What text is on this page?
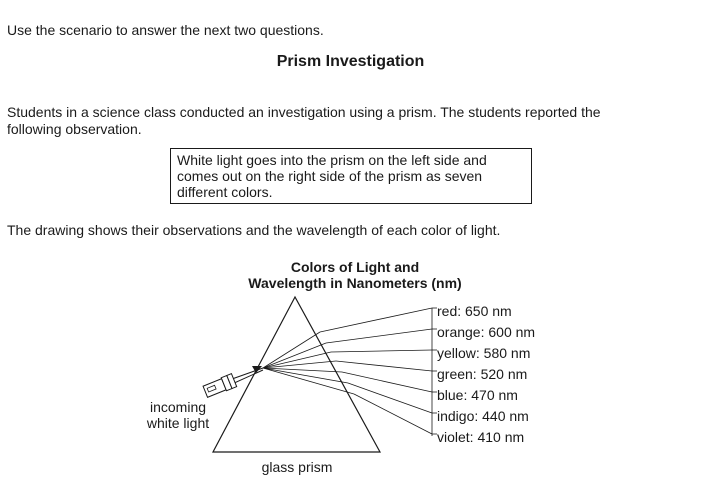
Use the scenario to answer the next two questions.
Prism Investigation
Students in a science class conducted an investigation using a prism. The students reported the
following observation.
White light goes into the prism on the left side and
comes out on the right side of the prism as seven
different colors.
The drawing shows their observations and the wavelength of each color of light.
Colors of Light and
Wavelength in Nanometers (nm)
red: 650 nm
orange: 600 nm
yellow: 580 nm
green: 520 nm
blue: 470 nm
indigo: 440 nm
violet: 410 nm
incoming
white light
glass prism
